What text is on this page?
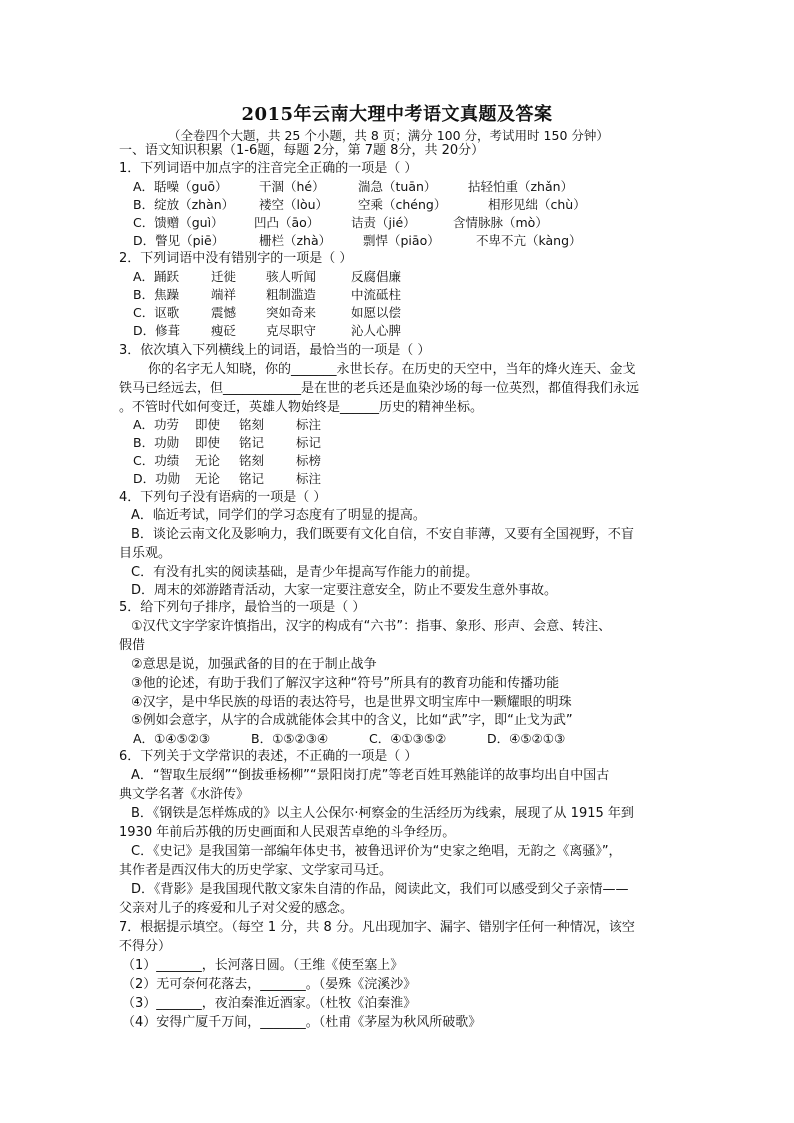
2015年云南大理中考语文真题及答案
（全卷四个大题，共 25 个小题，共 8 页；满分 100 分，考试用时 150 分钟）
一、语文知识积累（1-6题，每题 2分，第 7题 8分，共 20分）
1．下列词语中加点字的注音完全正确的一项是（ ）
A．聒噪（guō）	干涸（hé）	湍急（tuān）	拈轻怕重（zhǎn）
B．绽放（zhàn） 褛空（lòu） 空乘（chéng）	相形见绌（chù）
C．馈赠（guì） 凹凸（āo）	诘责（jié）	含情脉脉（mò）
D．瞥见（piē）	栅栏（zhà）	剽悍（piāo）	不卑不亢（kàng）
2．下列词语中没有错别字的一项是（ ）
A．踊跃	迁徙 骇人听闻	反腐倡廉
B．焦躁	端祥 粗制滥造	中流砥柱
C．讴歌	震憾 突如奇来	如愿以偿
D．修葺 瘦砭 克尽职守	沁人心脾
3．依次填入下列横线上的词语，最恰当的一项是（ ）
你的名字无人知晓，你的_______永世长存。在历史的天空中，当年的烽火连天、金戈
铁马已经远去，但____________是在世的老兵还是血染沙场的每一位英烈，都值得我们永远
。不管时代如何变迁，英雄人物始终是______历史的精神坐标。
A．功劳 即使 铭刻	标注
B．功勋 即使 铭记	标记
C．功绩 无论 铭刻	标榜
D．功勋 无论 铭记	标注
4．下列句子没有语病的一项是（ ）
A．临近考试，同学们的学习态度有了明显的提高。
B．谈论云南文化及影响力，我们既要有文化自信，不安自菲薄，又要有全国视野，不盲
目乐观。
C．有没有扎实的阅读基础，是青少年提高写作能力的前提。
D．周末的郊游踏青活动，大家一定要注意安全，防止不要发生意外事故。
5．给下列句子排序，最恰当的一项是（ ）
①汉代文字学家许慎指出，汉字的构成有“六书”：指事、象形、形声、会意、转注、
假借
②意思是说，加强武备的目的在于制止战争
③他的论述，有助于我们了解汉字这种“符号”所具有的教育功能和传播功能
④汉字，是中华民族的母语的表达符号，也是世界文明宝库中一颗耀眼的明珠
⑤例如会意字，从字的合成就能体会其中的含义，比如“武”字，即“止戈为武”
A．①④⑤②③	B．①⑤②③④	C．④①③⑤②	D．④⑤②①③
6．下列关于文学常识的表述，不正确的一项是（ ）
A．“智取生辰纲”“倒拔垂杨柳”“景阳岗打虎”等老百姓耳熟能详的故事均出自中国古
典文学名著《水浒传》
B．《钢铁是怎样炼成的》以主人公保尔·柯察金的生活经历为线索，展现了从 1915 年到
1930 年前后苏俄的历史画面和人民艰苦卓绝的斗争经历。
C．《史记》是我国第一部编年体史书，被鲁迅评价为“史家之绝唱，无韵之《离骚》”，
其作者是西汉伟大的历史学家、文学家司马迁。
D．《背影》是我国现代散文家朱自清的作品，阅读此文，我们可以感受到父子亲情——
父亲对儿子的疼爱和儿子对父爱的感念。
7．根据提示填空。（每空 1 分，共 8 分。凡出现加字、漏字、错别字任何一种情况，该空
不得分）
（1）_______，长河落日圆。（王维《使至塞上》
（2）无可奈何花落去，_______。（晏殊《浣溪沙》
（3）_______，夜泊秦淮近酒家。（杜牧《泊秦淮》
（4）安得广厦千万间，_______。（杜甫《茅屋为秋风所破歌》
